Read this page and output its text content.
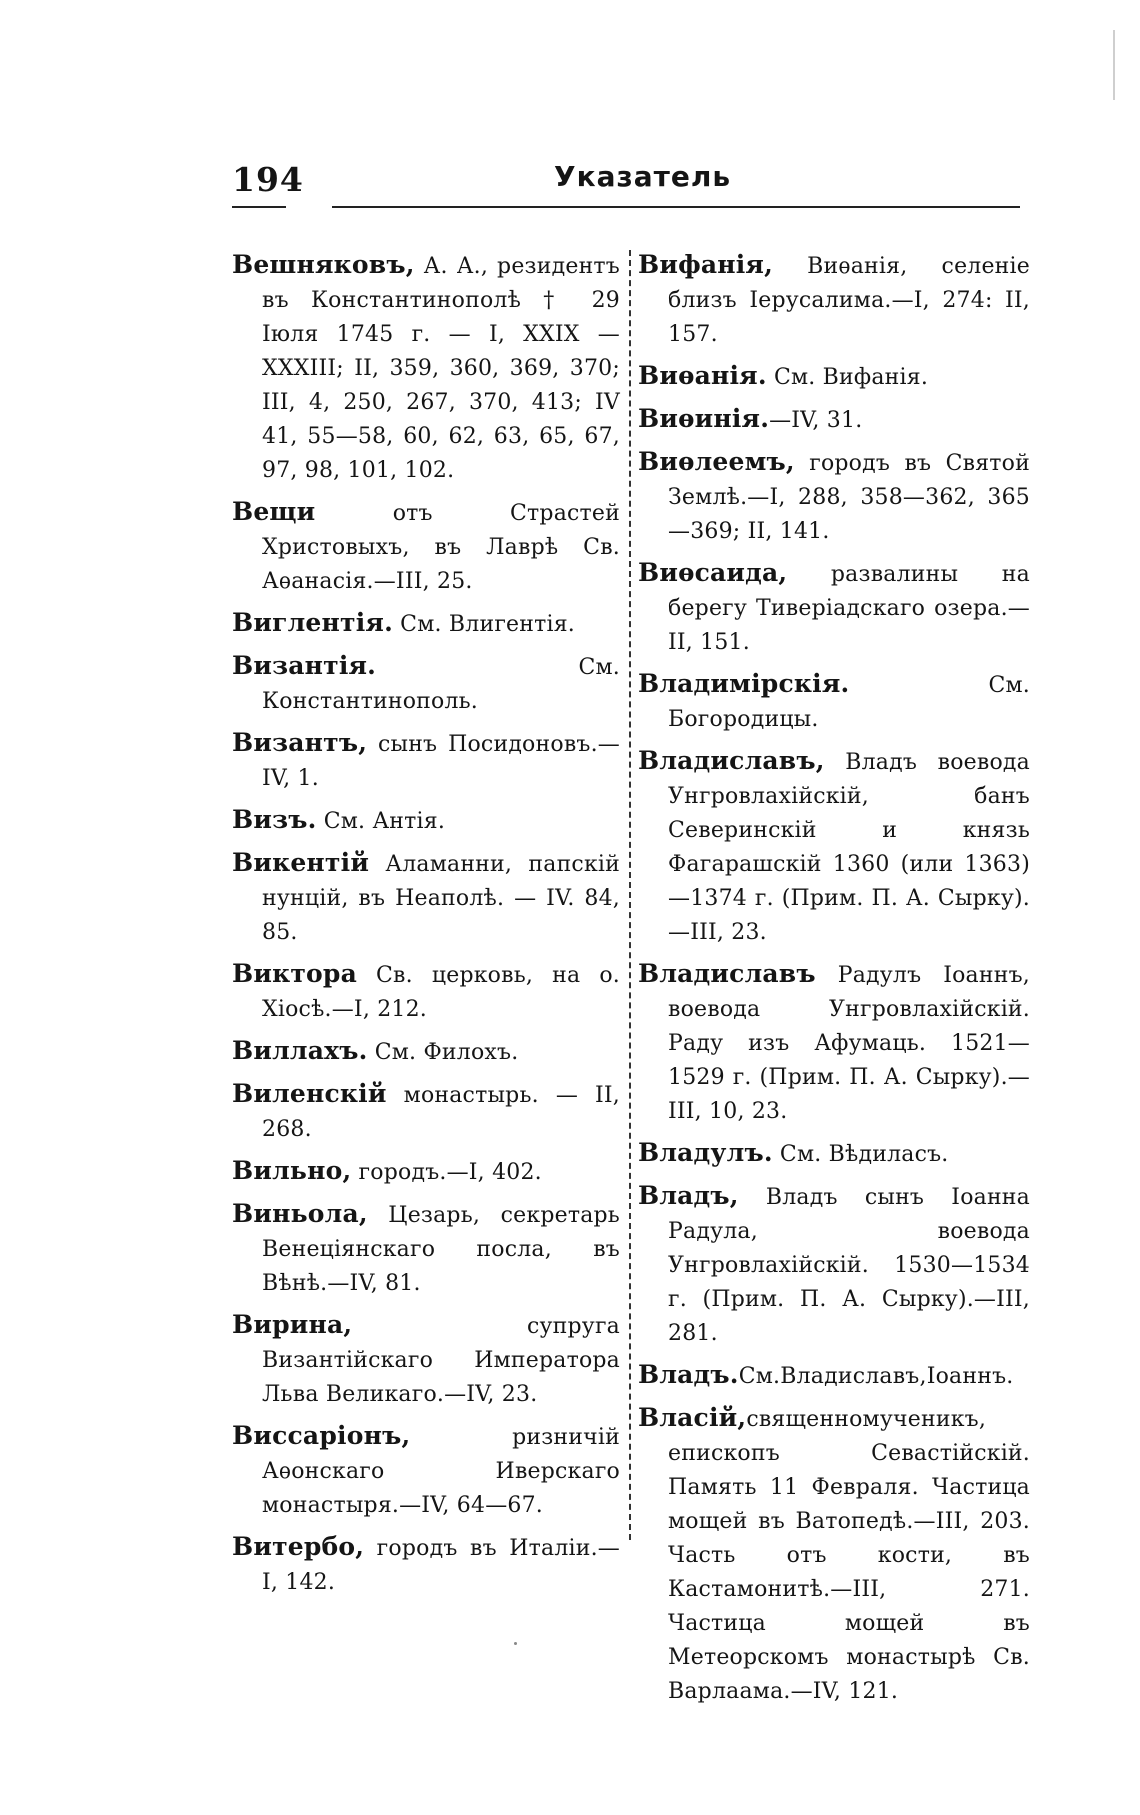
194	Указатель

Вешняковъ, А. А., резидентъ въ Константинополѣ † 29 Іюля 1745 г. — I, XXIX — XXXIII; II, 359, 360, 369, 370; III, 4, 250, 267, 370, 413; IV 41, 55—58, 60, 62, 63, 65, 67, 97, 98, 101, 102.

Вещи отъ Страстей Христовыхъ, въ Лаврѣ Св. Аѳанасія.—III, 25.

Виглентія. См. Влигентія.

Византія. См. Константинополь.

Византъ, сынъ Посидоновъ.—IV, 1.

Визъ. См. Антія.

Викентій Аламанни, папскій нунцій, въ Неаполѣ. — IV. 84, 85.

Виктора Св. церковь, на о. Хіосѣ.—I, 212.

Виллахъ. См. Филохъ.

Виленскій монастырь. — II, 268.

Вильно, городъ.—I, 402.

Виньола, Цезарь, секретарь Венеціянскаго посла, въ Вѣнѣ.—IV, 81.

Вирина, супруга Византійскаго Императора Льва Великаго.—IV, 23.

Виссаріонъ, ризничій Аѳонскаго Иверскаго монастыря.—IV, 64—67.

Витербо, городъ въ Италіи.—I, 142.

Вифанія, Виѳанія, селеніе близъ Іерусалима.—I, 274: II, 157.

Виѳанія. См. Вифанія.

Виѳинія.—IV, 31.

Виѳлеемъ, городъ въ Святой Землѣ.—I, 288, 358—362, 365—369; II, 141.

Виѳсаида, развалины на берегу Тиверіадскаго озера.—II, 151.

Владимірскія. См. Богородицы.

Владиславъ, Владъ воевода Унгровлахійскій, банъ Северинскій и князь Фагарашскій 1360 (или 1363)—1374 г. (Прим. П. А. Сырку).—III, 23.

Владиславъ Радулъ Іоаннъ, воевода Унгровлахійскій. Раду изъ Афумаць. 1521—1529 г. (Прим. П. А. Сырку).—III, 10, 23.

Владулъ. См. Вѣдиласъ.

Владъ, Владъ сынъ Іоанна Радула, воевода Унгровлахійскій. 1530—1534 г. (Прим. П. А. Сырку).—III, 281.

Владъ.См.Владиславъ,Іоаннъ.

Власій,священномученикъ, епископъ Севастійскій. Память 11 Февраля. Частица мощей въ Ватопедѣ.—III, 203. Часть отъ кости, въ Кастамонитѣ.—III, 271. Частица мощей въ Метеорскомъ монастырѣ Св. Варлаама.—IV, 121.
